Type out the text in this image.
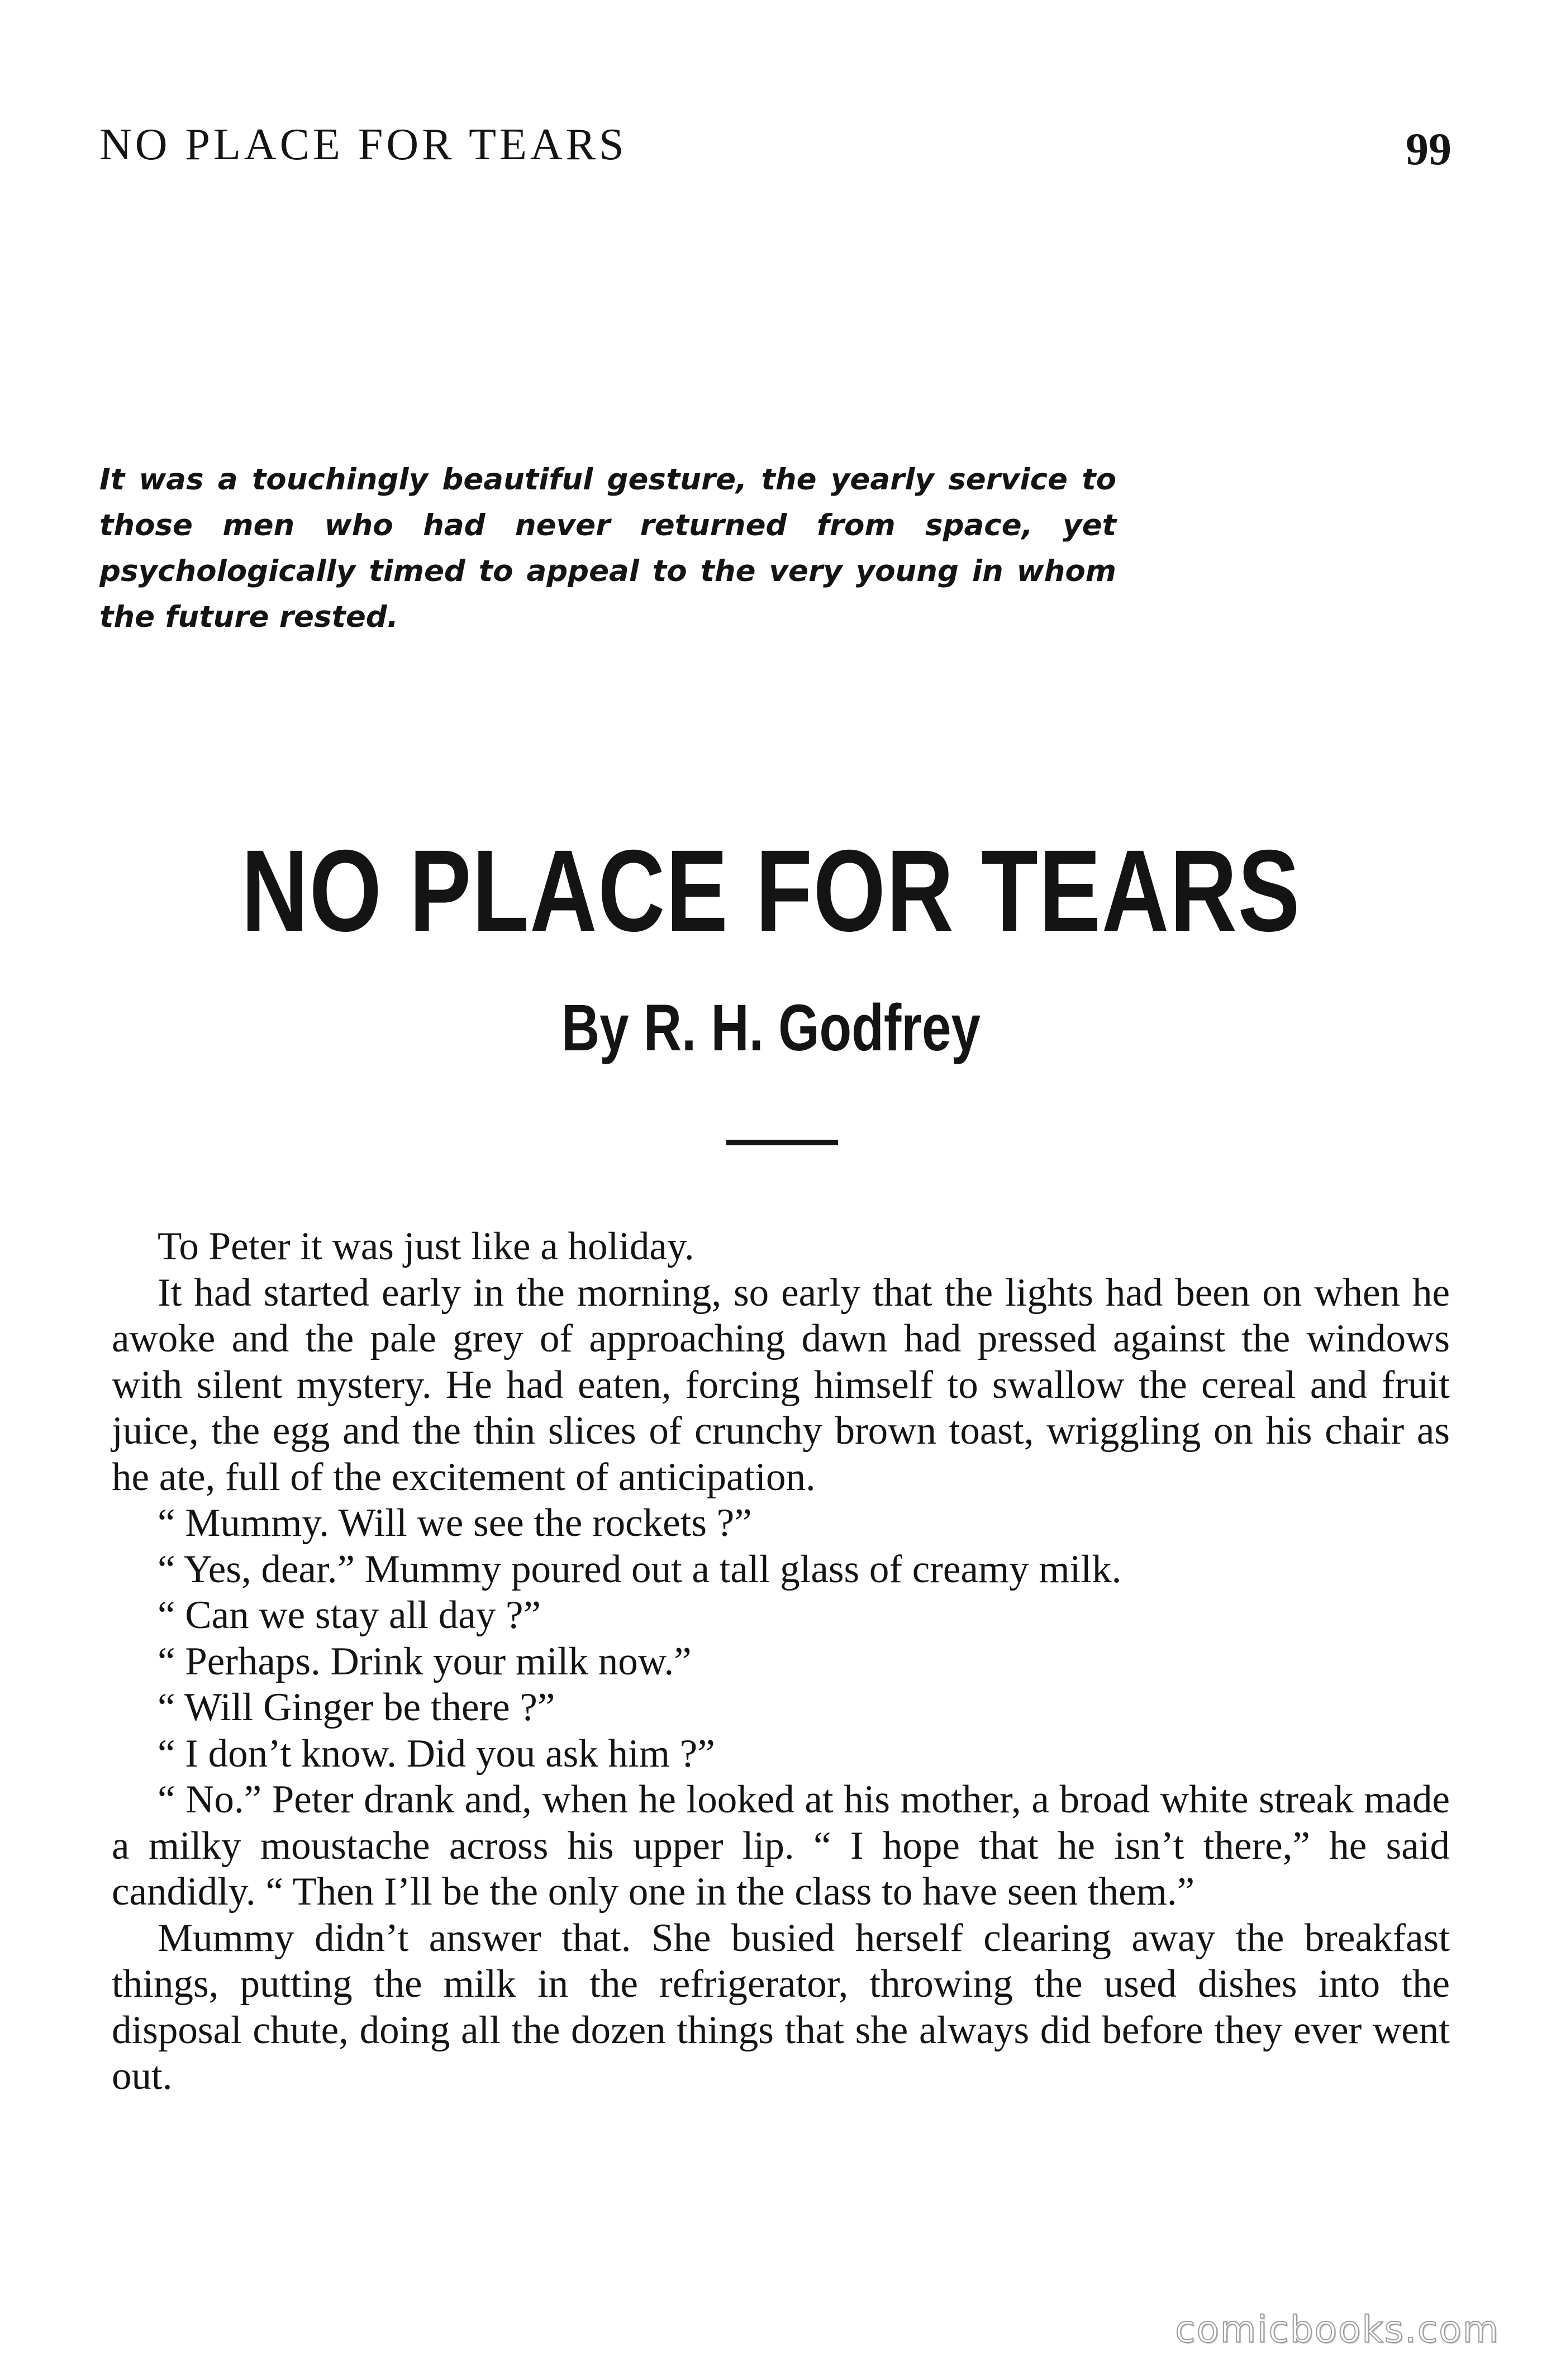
NO PLACE FOR TEARS	99
It was a touchingly beautiful gesture, the yearly service to those men who had never returned from space, yet psychologically timed to appeal to the very young in whom the future rested.
NO PLACE FOR TEARS
By R. H. Godfrey

To Peter it was just like a holiday.

It had started early in the morning, so early that the lights had been on when he awoke and the pale grey of approaching dawn had pressed against the windows with silent mystery. He had eaten, forcing himself to swallow the cereal and fruit juice, the egg and the thin slices of crunchy brown toast, wriggling on his chair as he ate, full of the excitement of anticipation.

“ Mummy. Will we see the rockets ?”

“ Yes, dear.” Mummy poured out a tall glass of creamy milk.

“ Can we stay all day ?”

“ Perhaps. Drink your milk now.”

“ Will Ginger be there ?”

“ I don’t know. Did you ask him ?”

“ No.” Peter drank and, when he looked at his mother, a broad white streak made a milky moustache across his upper lip. “ I hope that he isn’t there,” he said candidly. “ Then I’ll be the only one in the class to have seen them.”

Mummy didn’t answer that. She busied herself clearing away the breakfast things, putting the milk in the refrigerator, throwing the used dishes into the disposal chute, doing all the dozen things that she always did before they ever went out.

comicbooks.com
